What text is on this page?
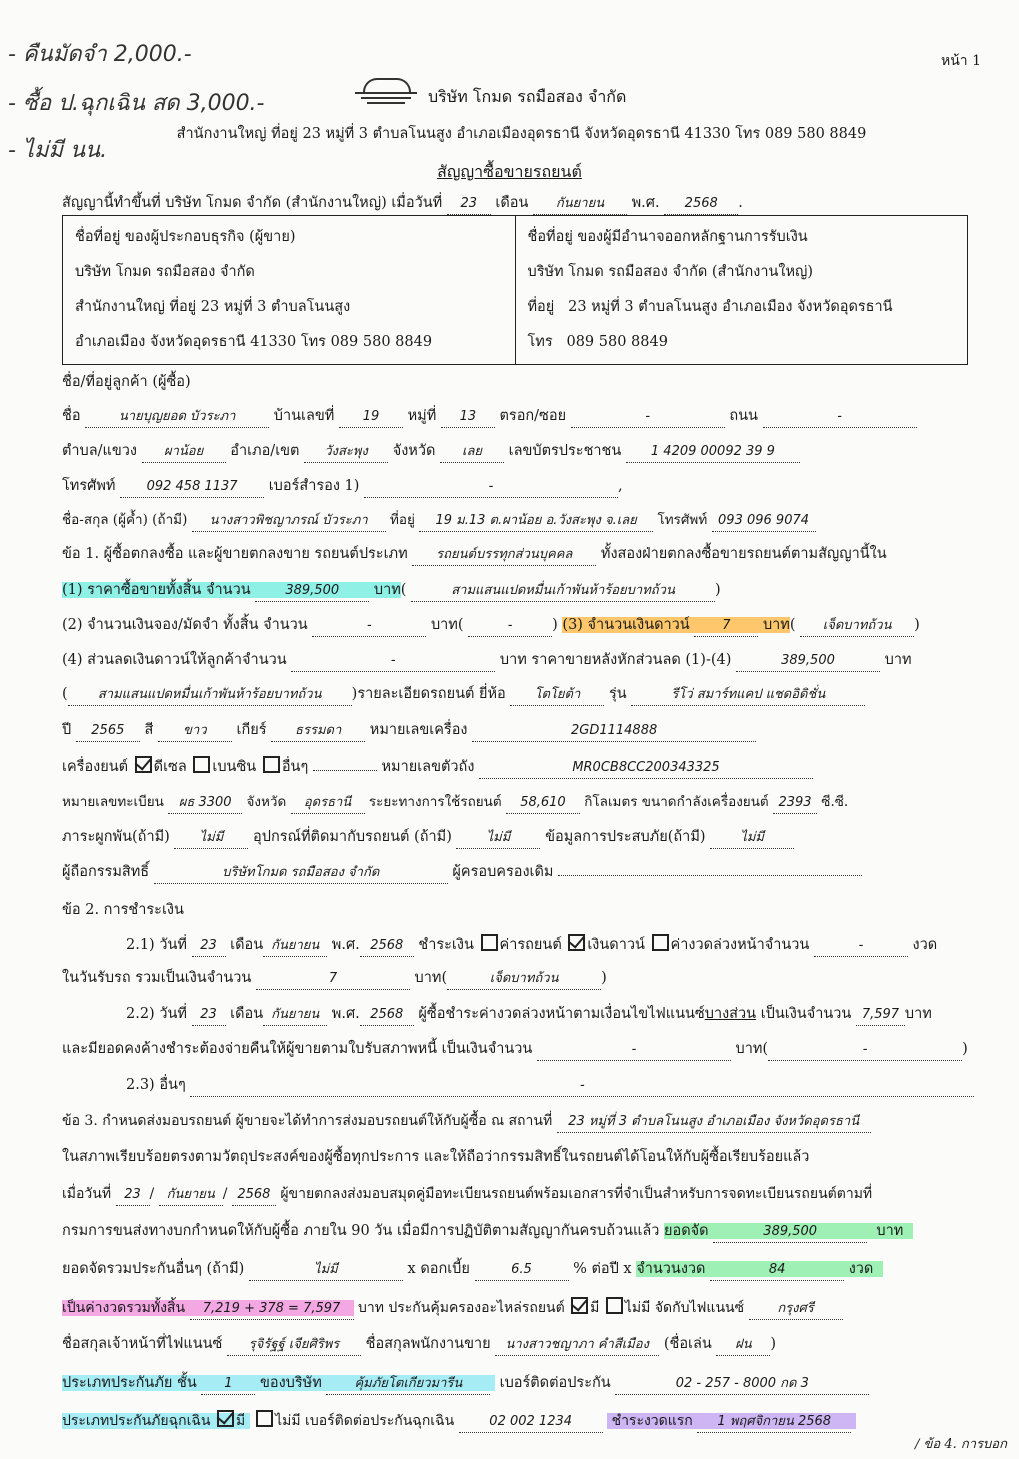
- คืนมัดจำ 2,000.-
- ซื้อ ป.ฉุกเฉิน สด 3,000.-
- ไม่มี นน.
หน้า 1
บริษัท โกมด รถมือสอง จำกัด
สำนักงานใหญ่ ที่อยู่ 23 หมู่ที่ 3 ตำบลโนนสูง อำเภอเมืองอุดรธานี จังหวัดอุดรธานี 41330 โทร 089 580 8849
สัญญาซื้อขายรถยนต์
สัญญานี้ทำขึ้นที่ บริษัท โกมด จำกัด (สำนักงานใหญ่) เมื่อวันที่ 23 เดือน กันยายน พ.ศ. 2568 .
ชื่อที่อยู่ ของผู้ประกอบธุรกิจ (ผู้ขาย)
บริษัท โกมด รถมือสอง จำกัด
สำนักงานใหญ่ ที่อยู่ 23 หมู่ที่ 3 ตำบลโนนสูง
อำเภอเมือง จังหวัดอุดรธานี 41330 โทร 089 580 8849

ชื่อที่อยู่ ของผู้มีอำนาจออกหลักฐานการรับเงิน
บริษัท โกมด รถมือสอง จำกัด (สำนักงานใหญ่)
ที่อยู่ 23 หมู่ที่ 3 ตำบลโนนสูง อำเภอเมือง จังหวัดอุดรธานี
โทร 089 580 8849
ชื่อ/ที่อยู่ลูกค้า (ผู้ซื้อ)
ชื่อ	นายบุญยอด บัวระภา	บ้านเลขที่ 19 หมู่ที่ 13 ตรอก/ซอย	-	ถนน	-
ตำบล/แขวง ผาน้อย อำเภอ/เขต วังสะพุง จังหวัด เลย เลขบัตรประชาชน 1 4209 00092 39 9
โทรศัพท์ 092 458 1137 เบอร์สำรอง 1)	-	,
ชื่อ-สกุล (ผู้ค้ำ) (ถ้ามี) นางสาวพิชญาภรณ์ บัวระภา ที่อยู่ 19 ม.13 ต.ผาน้อย อ.วังสะพุง จ.เลย โทรศัพท์ 093 096 9074
ข้อ 1. ผู้ซื้อตกลงซื้อ และผู้ขายตกลงขาย รถยนต์ประเภท รถยนต์บรรทุกส่วนบุคคล ทั้งสองฝ่ายตกลงซื้อขายรถยนต์ตามสัญญานี้ใน
(1) ราคาซื้อขายทั้งสิ้น จำนวน	389,500 บาท(	สามแสนแปดหมื่นเก้าพันห้าร้อยบาทถ้วน	)
(2) จำนวนเงินจอง/มัดจำ ทั้งสิ้น จำนวน	-	บาท(	-	) (3) จำนวนเงินดาวน์ 7 บาท( เจ็ดบาทถ้วน )
(4) ส่วนลดเงินดาวน์ให้ลูกค้าจำนวน	-	บาท ราคาขายหลังหักส่วนลด (1)-(4)	389,500	บาท
( สามแสนแปดหมื่นเก้าพันห้าร้อยบาทถ้วน )รายละเอียดรถยนต์ ยี่ห้อ โตโยต้า รุ่น	รีโว่ สมาร์ทแคป แชดอิดิชั่น
ปี 2565 สี ขาว เกียร์ ธรรมดา หมายเลขเครื่อง	2GD1114888
เครื่องยนต์ ดีเซล เบนซิน อื่นๆ	หมายเลขตัวถัง	MR0CB8CC200343325
หมายเลขทะเบียน ผธ 3300 จังหวัด อุดรธานี ระยะทางการใช้รถยนต์ 58,610 กิโลเมตร ขนาดกำลังเครื่องยนต์ 2393 ซี.ซี.
ภาระผูกพัน(ถ้ามี) ไม่มี อุปกรณ์ที่ติดมากับรถยนต์ (ถ้ามี)	ไม่มี ข้อมูลการประสบภัย(ถ้ามี)	ไม่มี
ผู้ถือกรรมสิทธิ์	บริษัทโกมด รถมือสอง จำกัด	ผู้ครอบครองเดิม
ข้อ 2. การชำระเงิน
2.1) วันที่ 23 เดือน กันยายน พ.ศ. 2568 ชำระเงิน ค่ารถยนต์ เงินดาวน์ ค่างวดล่วงหน้าจำนวน	-	งวด
ในวันรับรถ รวมเป็นเงินจำนวน	7	บาท(	เจ็ดบาทถ้วน	)
2.2) วันที่ 23 เดือน กันยายน พ.ศ. 2568 ผู้ซื้อชำระค่างวดล่วงหน้าตามเงื่อนไขไฟแนนซ์บางส่วน เป็นเงินจำนวน 7,597 บาท
และมียอดคงค้างชำระต้องจ่ายคืนให้ผู้ขายตามใบรับสภาพหนี้ เป็นเงินจำนวน	-	บาท(	-	)
2.3) อื่นๆ	-
ข้อ 3. กำหนดส่งมอบรถยนต์ ผู้ขายจะได้ทำการส่งมอบรถยนต์ให้กับผู้ซื้อ ณ สถานที่ 23 หมู่ที่ 3 ตำบลโนนสูง อำเภอเมือง จังหวัดอุดรธานี
ในสภาพเรียบร้อยตรงตามวัตถุประสงค์ของผู้ซื้อทุกประการ และให้ถือว่ากรรมสิทธิ์ในรถยนต์ได้โอนให้กับผู้ซื้อเรียบร้อยแล้ว
เมื่อวันที่ 23 / กันยายน / 2568 ผู้ขายตกลงส่งมอบสมุดคู่มือทะเบียนรถยนต์พร้อมเอกสารที่จำเป็นสำหรับการจดทะเบียนรถยนต์ตามที่
กรมการขนส่งทางบกกำหนดให้กับผู้ซื้อ ภายใน 90 วัน เมื่อมีการปฏิบัติตามสัญญากันครบถ้วนแล้ว ยอดจัด	389,500	บาท
ยอดจัดรวมประกันอื่นๆ (ถ้ามี)	ไม่มี	x ดอกเบี้ย	6.5	% ต่อปี x จำนวนงวด	84	งวด
เป็นค่างวดรวมทั้งสิ้น 7,219 + 378 = 7,597 บาท ประกันคุ้มครองอะไหล่รถยนต์ มี ไม่มี จัดกับไฟแนนซ์	กรุงศรี
ชื่อสกุลเจ้าหน้าที่ไฟแนนซ์ รุจิรัฐฐ์ เจียศิริพร ชื่อสกุลพนักงานขาย นางสาวชญาภา คำสีเมือง (ชื่อเล่น ฝน )
ประเภทประกันภัย ชั้น 1 ของบริษัท	คุ้มภัยโตเกียวมารีน	เบอร์ติดต่อประกัน	02 - 257 - 8000 กด 3
ประเภทประกันภัยฉุกเฉิน มี ไม่มี เบอร์ติดต่อประกันฉุกเฉิน	02 002 1234	ชำระงวดแรก 1 พฤศจิกายน 2568
/ ข้อ 4. การบอก
